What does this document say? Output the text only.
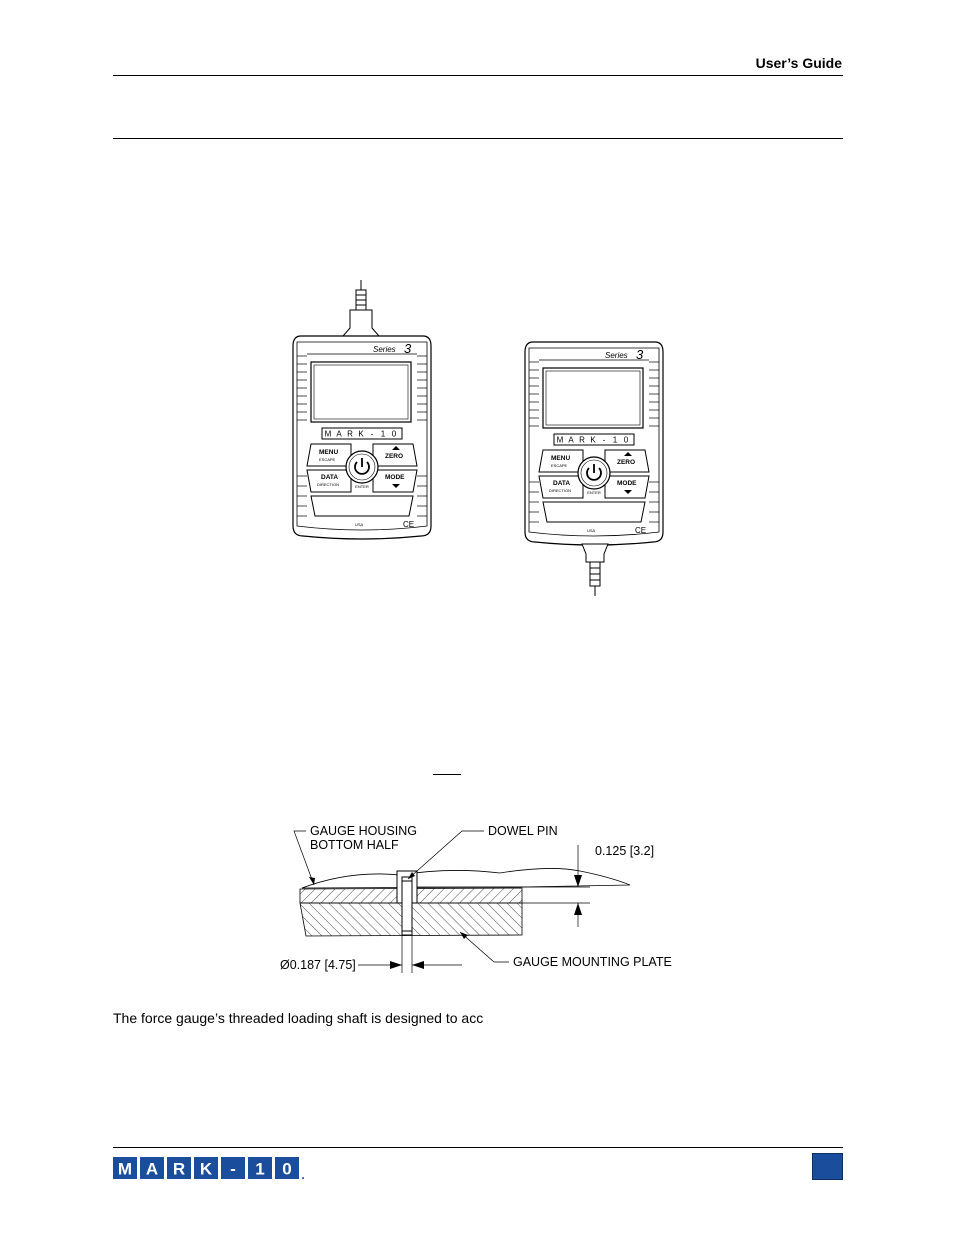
User’s Guide
Series 3
M A R K - 1 0
MENU
ESCAPE	ZERO
DATA
DIRECTION
MODE
ENTER
USA	CE
Series 3
M A R K - 1 0
MENU
ESCAPE	ZERO
DATA
DIRECTION
MODE
ENTER
USA	CE
GAUGE HOUSING
BOTTOM HALF
DOWEL PIN
0.125 [3.2]
Ø0.187 [4.75]	GAUGE MOUNTING PLATE
The force gauge’s threaded loading shaft is designed to acc
M A R K - 1 0 .
